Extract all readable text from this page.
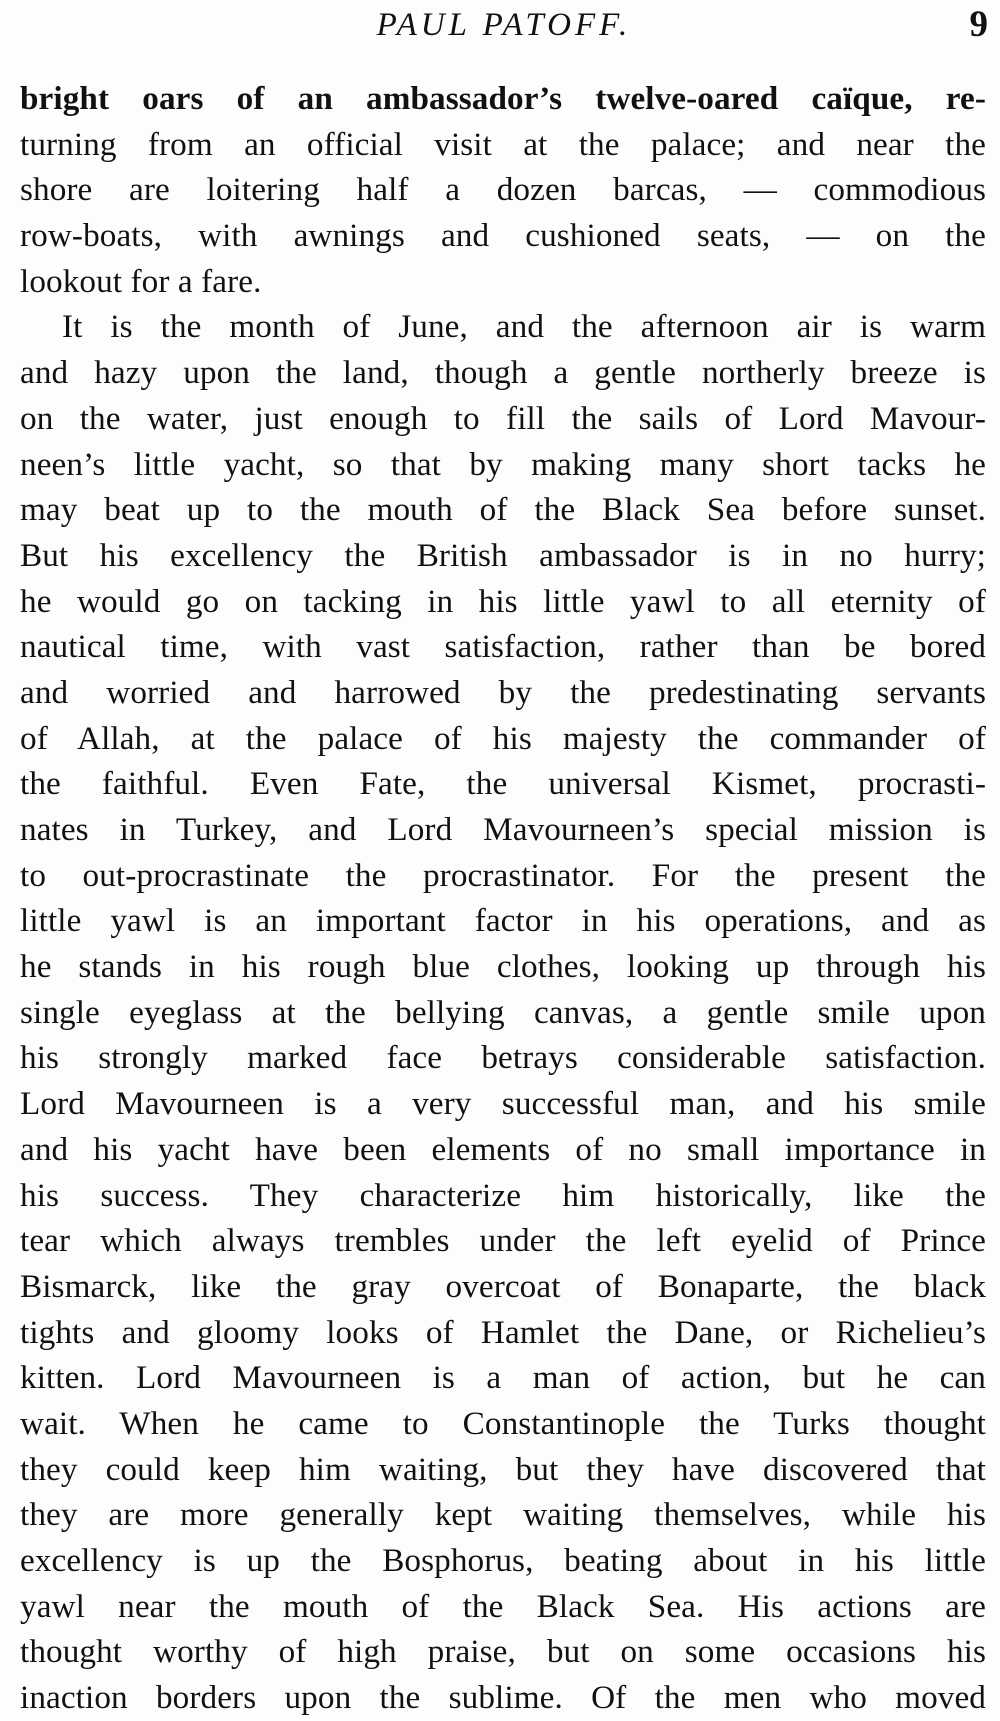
PAUL PATOFF.	9
bright oars of an ambassador’s twelve-oared caïque, re-
turning from an official visit at the palace; and near the
shore are loitering half a dozen barcas, — commodious
row-boats, with awnings and cushioned seats, — on the
lookout for a fare.
It is the month of June, and the afternoon air is warm
and hazy upon the land, though a gentle northerly breeze is
on the water, just enough to fill the sails of Lord Mavour-
neen’s little yacht, so that by making many short tacks he
may beat up to the mouth of the Black Sea before sunset.
But his excellency the British ambassador is in no hurry;
he would go on tacking in his little yawl to all eternity of
nautical time, with vast satisfaction, rather than be bored
and worried and harrowed by the predestinating servants
of Allah, at the palace of his majesty the commander of
the faithful. Even Fate, the universal Kismet, procrasti-
nates in Turkey, and Lord Mavourneen’s special mission is
to out-procrastinate the procrastinator. For the present the
little yawl is an important factor in his operations, and as
he stands in his rough blue clothes, looking up through his
single eyeglass at the bellying canvas, a gentle smile upon
his strongly marked face betrays considerable satisfaction.
Lord Mavourneen is a very successful man, and his smile
and his yacht have been elements of no small importance in
his success. They characterize him historically, like the
tear which always trembles under the left eyelid of Prince
Bismarck, like the gray overcoat of Bonaparte, the black
tights and gloomy looks of Hamlet the Dane, or Richelieu’s
kitten. Lord Mavourneen is a man of action, but he can
wait. When he came to Constantinople the Turks thought
they could keep him waiting, but they have discovered that
they are more generally kept waiting themselves, while his
excellency is up the Bosphorus, beating about in his little
yawl near the mouth of the Black Sea. His actions are
thought worthy of high praise, but on some occasions his
inaction borders upon the sublime. Of the men who moved
